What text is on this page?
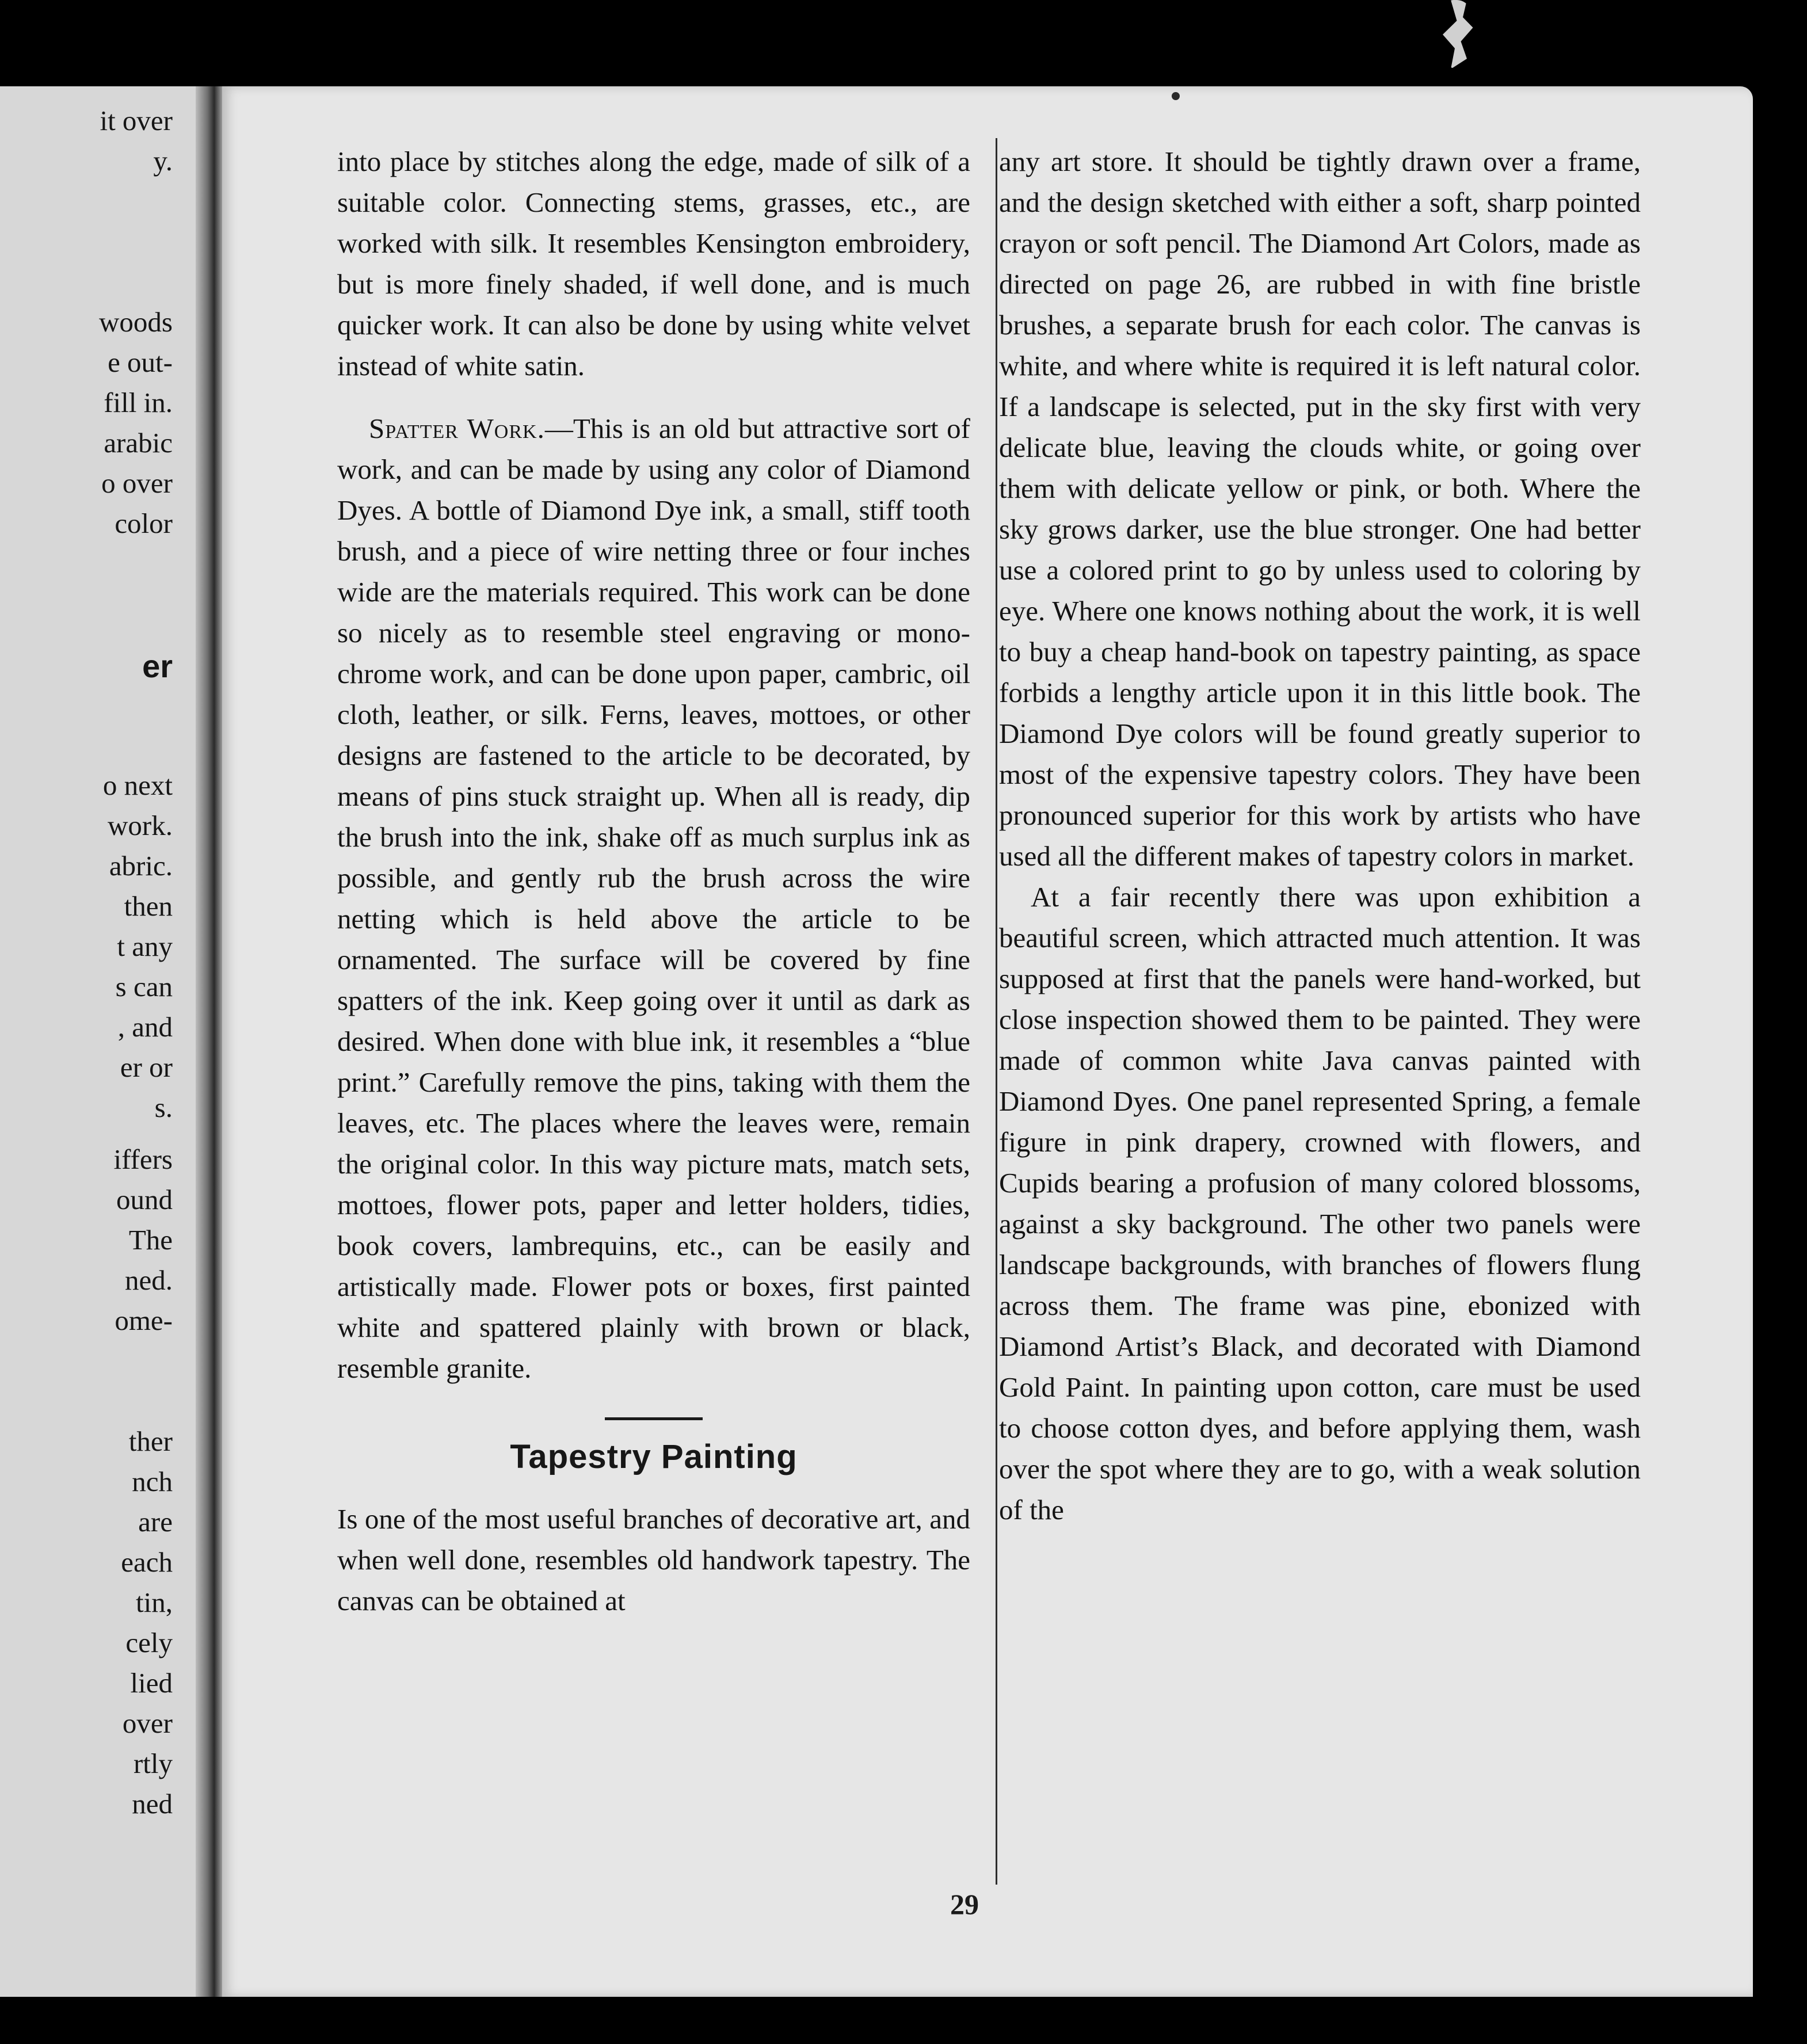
it over
y.
woods
e out-
fill in.
arabic
o over
color
er
o next
work.
abric.
then
t any
s can
, and
er or
s.
iffers
ound
The
ned.
ome-
ther
nch
are
each
tin,
cely
lied
over
rtly
ned

into place by stitches along the edge, made of silk of a suitable color. Connecting stems, grasses, etc., are worked with silk. It resembles Kensington embroidery, but is more finely shaded, if well done, and is much quicker work. It can also be done by using white velvet instead of white satin.

Spatter Work.—This is an old but attractive sort of work, and can be made by using any color of Diamond Dyes. A bottle of Diamond Dye ink, a small, stiff tooth brush, and a piece of wire netting three or four inches wide are the materials required. This work can be done so nicely as to resemble steel engraving or mono-chrome work, and can be done upon paper, cambric, oil cloth, leather, or silk. Ferns, leaves, mottoes, or other designs are fastened to the article to be decorated, by means of pins stuck straight up. When all is ready, dip the brush into the ink, shake off as much surplus ink as possible, and gently rub the brush across the wire netting which is held above the article to be ornamented. The surface will be covered by fine spatters of the ink. Keep going over it until as dark as desired. When done with blue ink, it resembles a “blue print.” Carefully remove the pins, taking with them the leaves, etc. The places where the leaves were, remain the original color. In this way picture mats, match sets, mottoes, flower pots, paper and letter holders, tidies, book covers, lambrequins, etc., can be easily and artistically made. Flower pots or boxes, first painted white and spattered plainly with brown or black, resemble granite.

Tapestry Painting

Is one of the most useful branches of decorative art, and when well done, resembles old handwork tapestry. The canvas can be obtained at

any art store. It should be tightly drawn over a frame, and the design sketched with either a soft, sharp pointed crayon or soft pencil. The Diamond Art Colors, made as directed on page 26, are rubbed in with fine bristle brushes, a separate brush for each color. The canvas is white, and where white is required it is left natural color. If a landscape is selected, put in the sky first with very delicate blue, leaving the clouds white, or going over them with delicate yellow or pink, or both. Where the sky grows darker, use the blue stronger. One had better use a colored print to go by unless used to coloring by eye. Where one knows nothing about the work, it is well to buy a cheap hand-book on tapestry painting, as space forbids a lengthy article upon it in this little book. The Diamond Dye colors will be found greatly superior to most of the expensive tapestry colors. They have been pronounced superior for this work by artists who have used all the different makes of tapestry colors in market.

At a fair recently there was upon exhibition a beautiful screen, which attracted much attention. It was supposed at first that the panels were hand-worked, but close inspection showed them to be painted. They were made of common white Java canvas painted with Diamond Dyes. One panel represented Spring, a female figure in pink drapery, crowned with flowers, and Cupids bearing a profusion of many colored blossoms, against a sky background. The other two panels were landscape backgrounds, with branches of flowers flung across them. The frame was pine, ebonized with Diamond Artist’s Black, and decorated with Diamond Gold Paint. In painting upon cotton, care must be used to choose cotton dyes, and before applying them, wash over the spot where they are to go, with a weak solution of the

29
